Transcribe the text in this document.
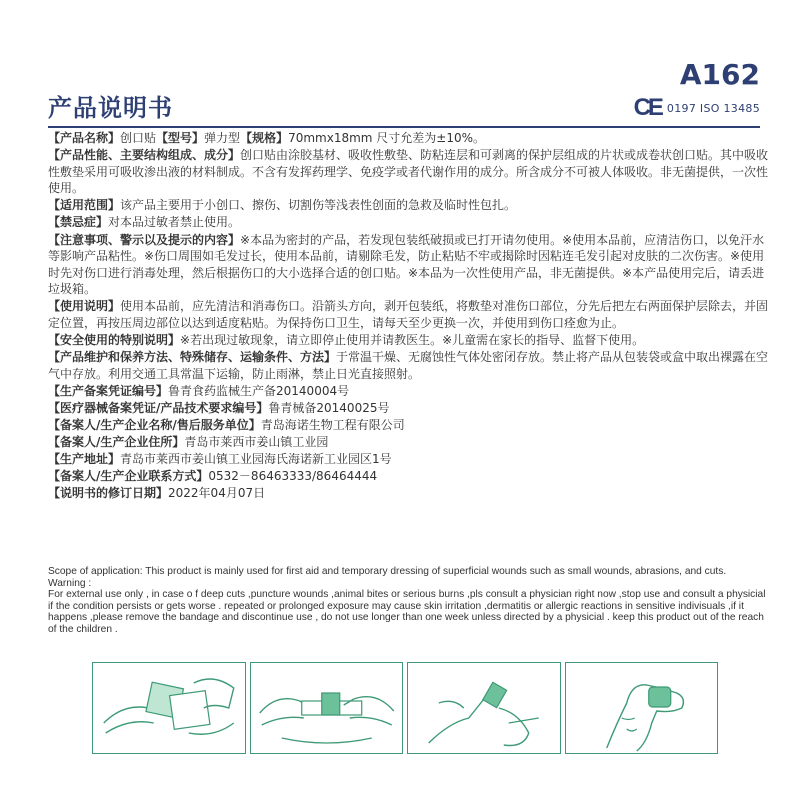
A162
产品说明书	CE 0197 ISO 13485

【产品名称】创口贴【型号】弹力型【规格】70mmx18mm 尺寸允差为±10%。

【产品性能、主要结构组成、成分】创口贴由涂胶基材、吸收性敷垫、防粘连层和可剥离的保护层组成的片状或成卷状创口贴。其中吸收性敷垫采用可吸收渗出液的材料制成。不含有发挥药理学、免疫学或者代谢作用的成分。所含成分不可被人体吸收。非无菌提供，一次性使用。

【适用范围】该产品主要用于小创口、擦伤、切割伤等浅表性创面的急救及临时性包扎。

【禁忌症】对本品过敏者禁止使用。

【注意事项、警示以及提示的内容】※本品为密封的产品，若发现包装纸破损或已打开请勿使用。※使用本品前，应清洁伤口，以免汗水等影响产品粘性。※伤口周围如毛发过长，使用本品前，请剔除毛发，防止粘贴不牢或揭除时因粘连毛发引起对皮肤的二次伤害。※使用时先对伤口进行消毒处理，然后根据伤口的大小选择合适的创口贴。※本品为一次性使用产品，非无菌提供。※本产品使用完后，请丢进垃圾箱。

【使用说明】使用本品前，应先清洁和消毒伤口。沿箭头方向，剥开包装纸，将敷垫对准伤口部位，分先后把左右两面保护层除去，并固定位置，再按压周边部位以达到适度粘贴。为保持伤口卫生，请每天至少更换一次，并使用到伤口痊愈为止。

【安全使用的特别说明】※若出现过敏现象，请立即停止使用并请教医生。※儿童需在家长的指导、监督下使用。

【产品维护和保养方法、特殊储存、运输条件、方法】于常温干燥、无腐蚀性气体处密闭存放。禁止将产品从包装袋或盒中取出裸露在空气中存放。利用交通工具常温下运输，防止雨淋，禁止日光直接照射。

【生产备案凭证编号】鲁青食药监械生产备20140004号

【医疗器械备案凭证/产品技术要求编号】鲁青械备20140025号

【备案人/生产企业名称/售后服务单位】青岛海诺生物工程有限公司

【备案人/生产企业住所】青岛市莱西市姜山镇工业园

【生产地址】青岛市莱西市姜山镇工业园海氏海诺新工业园区1号

【备案人/生产企业联系方式】0532－86463333/86464444

【说明书的修订日期】2022年04月07日

Scope of application: This product is mainly used for first aid and temporary dressing of superficial wounds such as small wounds, abrasions, and cuts.

Warning :

For external use only , in case o f deep cuts ,puncture wounds ,animal bites or serious burns ,pls consult a physician right now ,stop use and consult a physicial if the condition persists or gets worse . repeated or prolonged exposure may cause skin irritation ,dermatitis or allergic reactions in sensitive indivisuals ,if it happens ,please remove the bandage and discontinue use , do not use longer than one week unless directed by a physicial . keep this product out of the reach of the children .
